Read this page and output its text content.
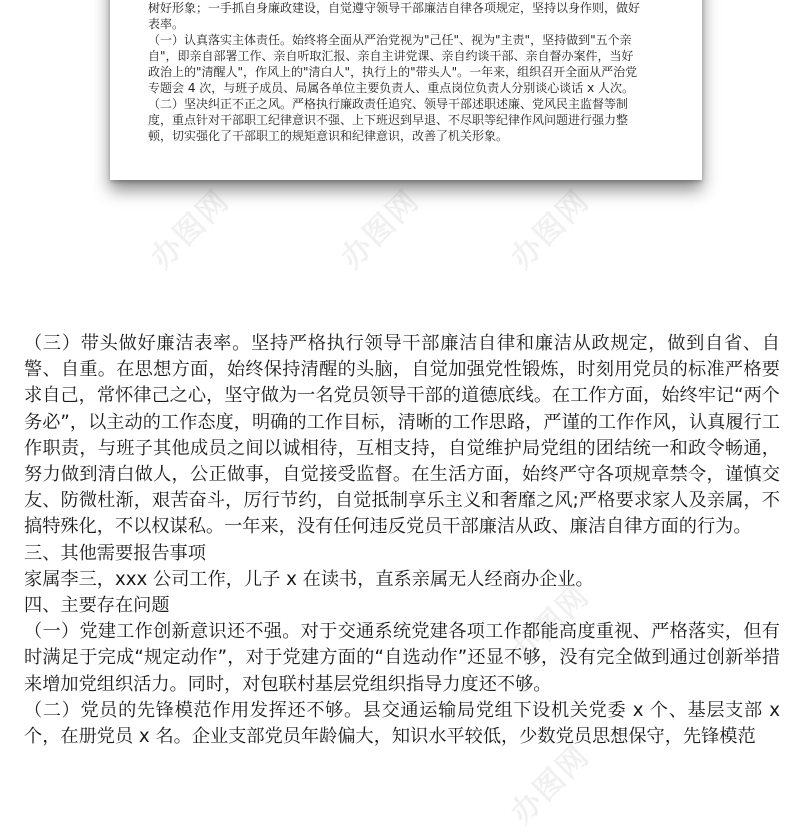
树好形象；一手抓自身廉政建设，自觉遵守领导干部廉洁自律各项规定，坚持以身作则，做好

表率。

（一）认真落实主体责任。始终将全面从严治党视为"己任"、视为"主责"，坚持做到"五个亲

自"，即亲自部署工作、亲自听取汇报、亲自主讲党课、亲自约谈干部、亲自督办案件，当好

政治上的"清醒人"，作风上的"清白人"，执行上的"带头人"。一年来，组织召开全面从严治党

专题会 4 次，与班子成员、局属各单位主要负责人、重点岗位负责人分别谈心谈话 x 人次。

（二）坚决纠正不正之风。严格执行廉政责任追究、领导干部述职述廉、党风民主监督等制

度，重点针对干部职工纪律意识不强、上下班迟到早退、不尽职等纪律作风问题进行强力整

顿，切实强化了干部职工的规矩意识和纪律意识，改善了机关形象。

办图网	办图网	办图网
办图网
办图网

（三）带头做好廉洁表率。坚持严格执行领导干部廉洁自律和廉洁从政规定，做到自省、自警、自重。在思想方面，始终保持清醒的头脑，自觉加强党性锻炼，时刻用党员的标准严格要求自己，常怀律己之心，坚守做为一名党员领导干部的道德底线。在工作方面，始终牢记“两个务必”，以主动的工作态度，明确的工作目标，清晰的工作思路，严谨的工作作风，认真履行工作职责，与班子其他成员之间以诚相待，互相支持，自觉维护局党组的团结统一和政令畅通，努力做到清白做人，公正做事，自觉接受监督。在生活方面，始终严守各项规章禁令，谨慎交友、防微杜渐，艰苦奋斗，厉行节约，自觉抵制享乐主义和奢靡之风;严格要求家人及亲属，不搞特殊化，不以权谋私。一年来，没有任何违反党员干部廉洁从政、廉洁自律方面的行为。

三、其他需要报告事项

家属李三，xxx 公司工作，儿子 x 在读书，直系亲属无人经商办企业。

四、主要存在问题

（一）党建工作创新意识还不强。对于交通系统党建各项工作都能高度重视、严格落实，但有时满足于完成“规定动作”，对于党建方面的“自选动作”还显不够，没有完全做到通过创新举措来增加党组织活力。同时，对包联村基层党组织指导力度还不够。

（二）党员的先锋模范作用发挥还不够。县交通运输局党组下设机关党委 x 个、基层支部 x 个，在册党员 x 名。企业支部党员年龄偏大，知识水平较低，少数党员思想保守，先锋模范
